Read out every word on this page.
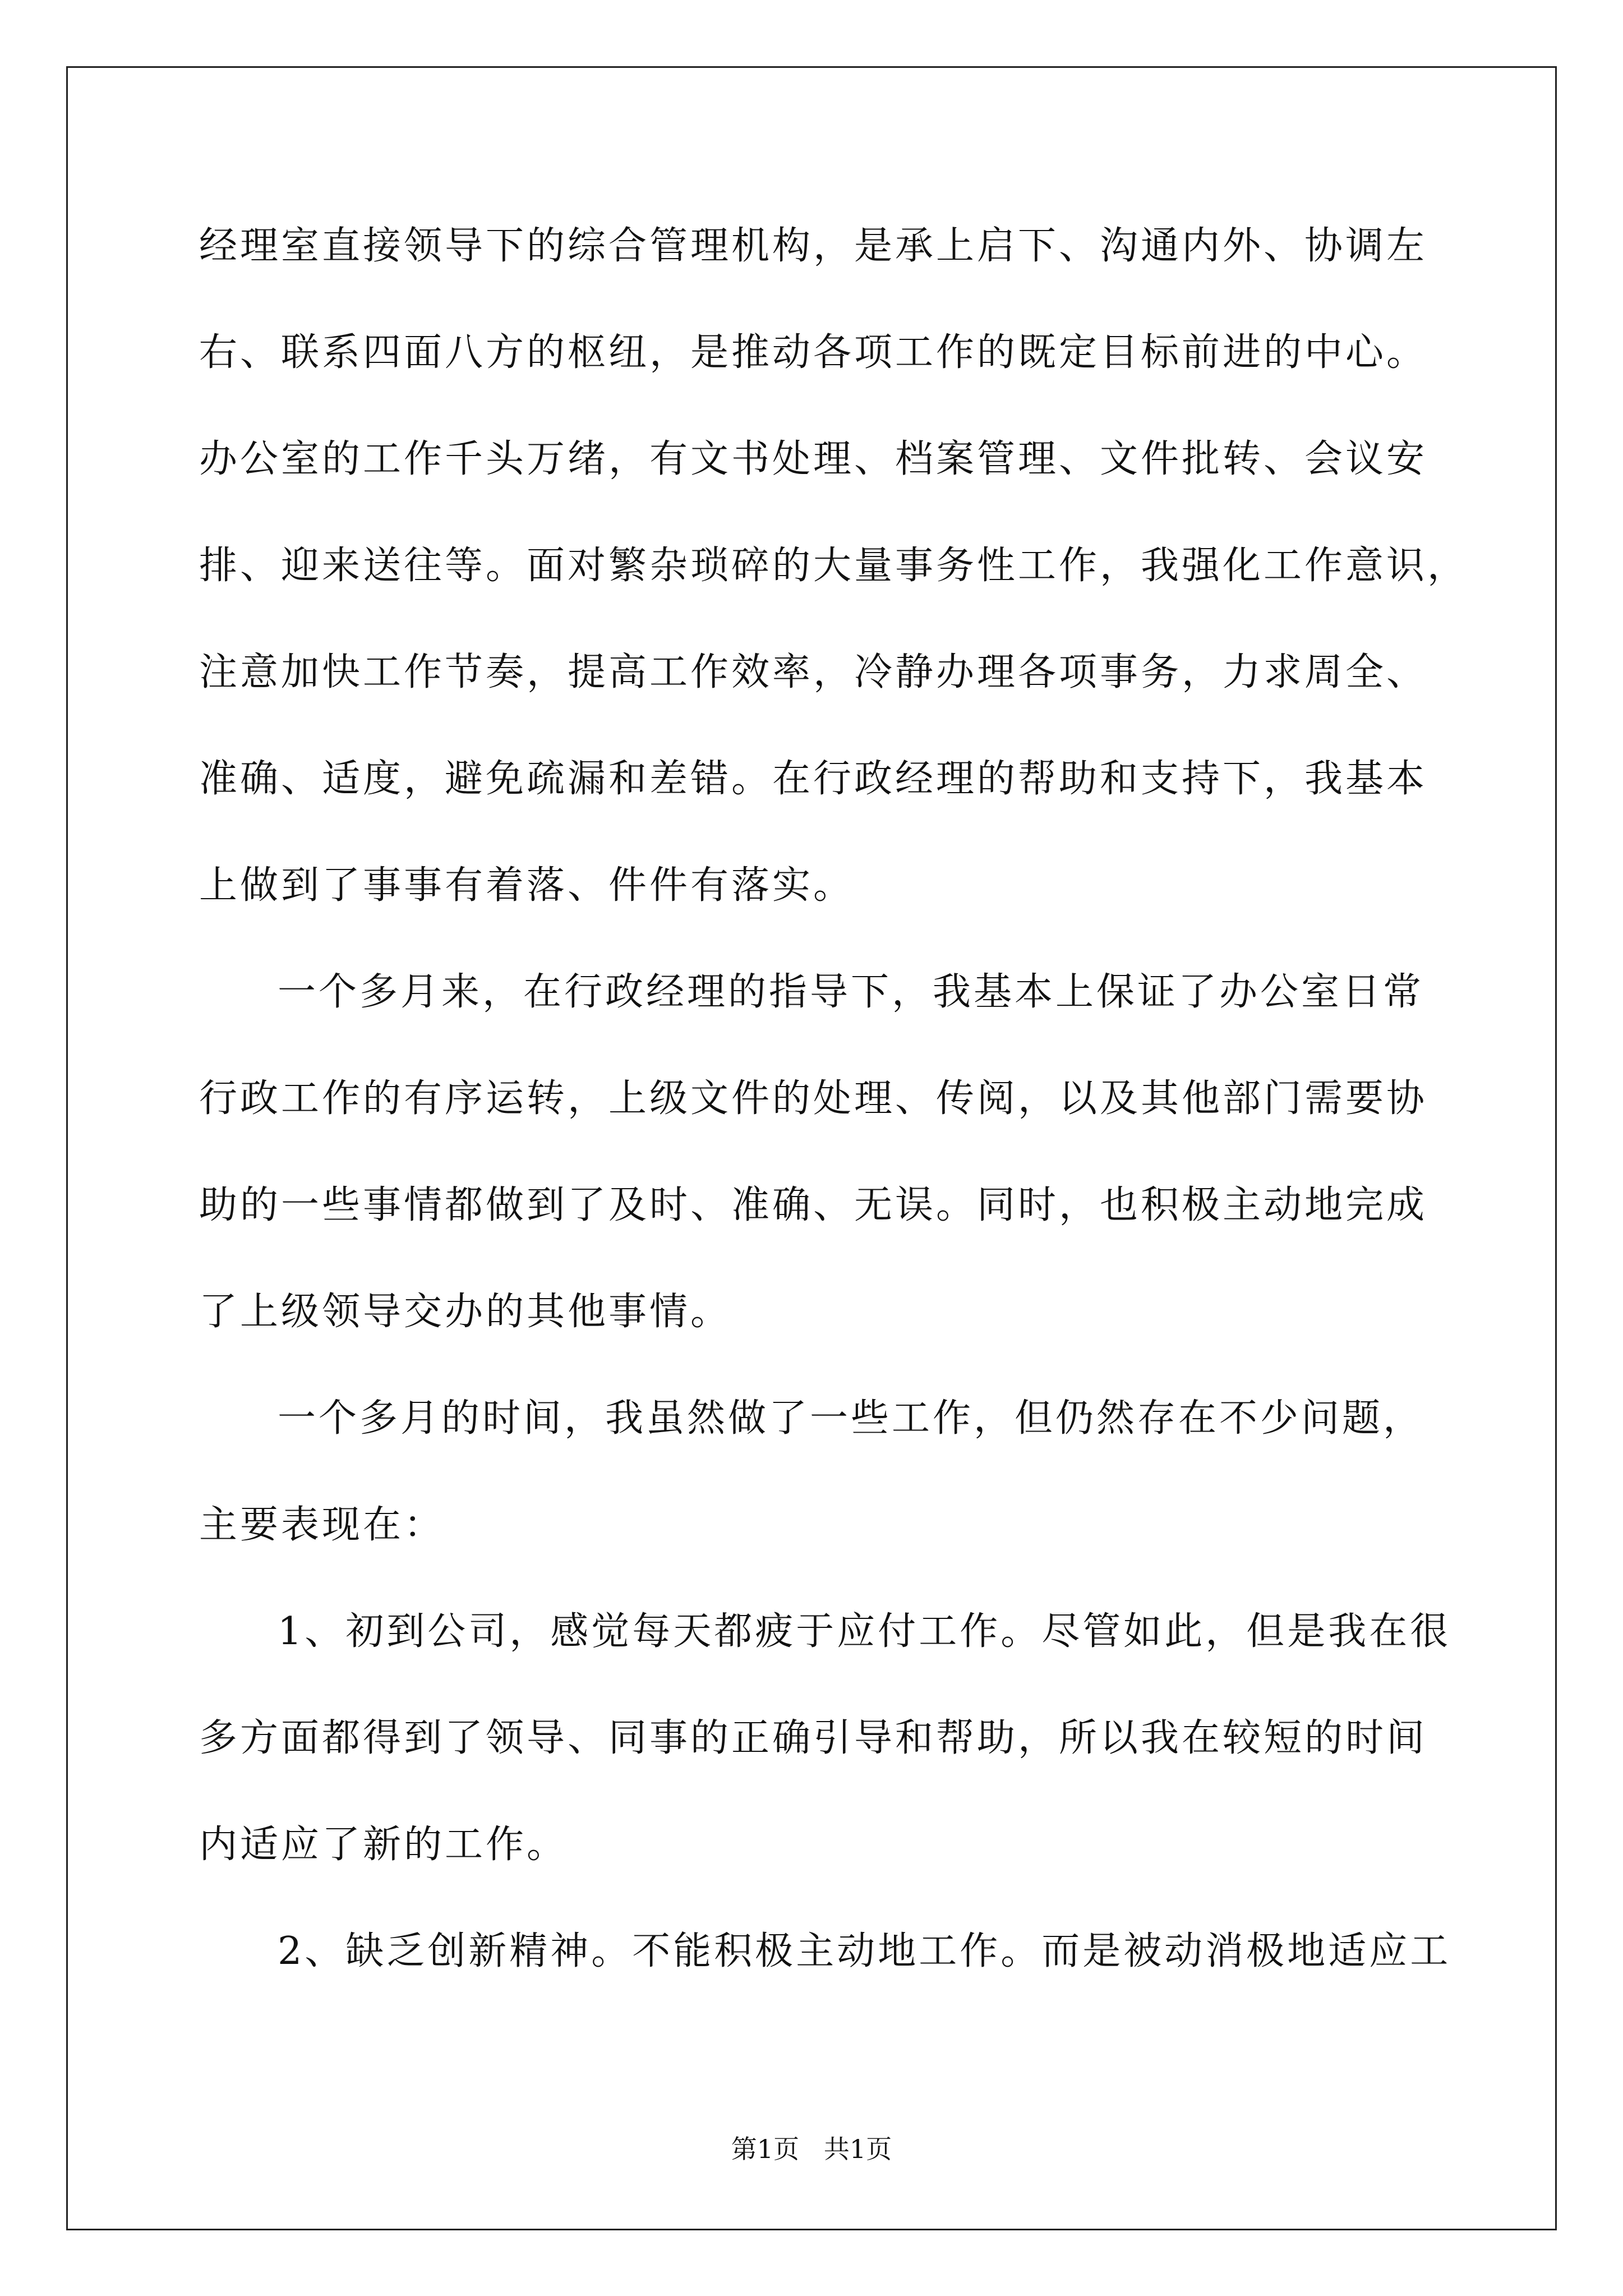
经理室直接领导下的综合管理机构，是承上启下、沟通内外、协调左
右、联系四面八方的枢纽，是推动各项工作的既定目标前进的中心。
办公室的工作千头万绪，有文书处理、档案管理、文件批转、会议安
排、迎来送往等。面对繁杂琐碎的大量事务性工作，我强化工作意识，
注意加快工作节奏，提高工作效率，冷静办理各项事务，力求周全、
准确、适度，避免疏漏和差错。在行政经理的帮助和支持下，我基本
上做到了事事有着落、件件有落实。
一个多月来，在行政经理的指导下，我基本上保证了办公室日常
行政工作的有序运转，上级文件的处理、传阅，以及其他部门需要协
助的一些事情都做到了及时、准确、无误。同时，也积极主动地完成
了上级领导交办的其他事情。
一个多月的时间，我虽然做了一些工作，但仍然存在不少问题，
主要表现在：
1、初到公司，感觉每天都疲于应付工作。尽管如此，但是我在很
多方面都得到了领导、同事的正确引导和帮助，所以我在较短的时间
内适应了新的工作。
2、缺乏创新精神。不能积极主动地工作。而是被动消极地适应工
第1页   共1页
